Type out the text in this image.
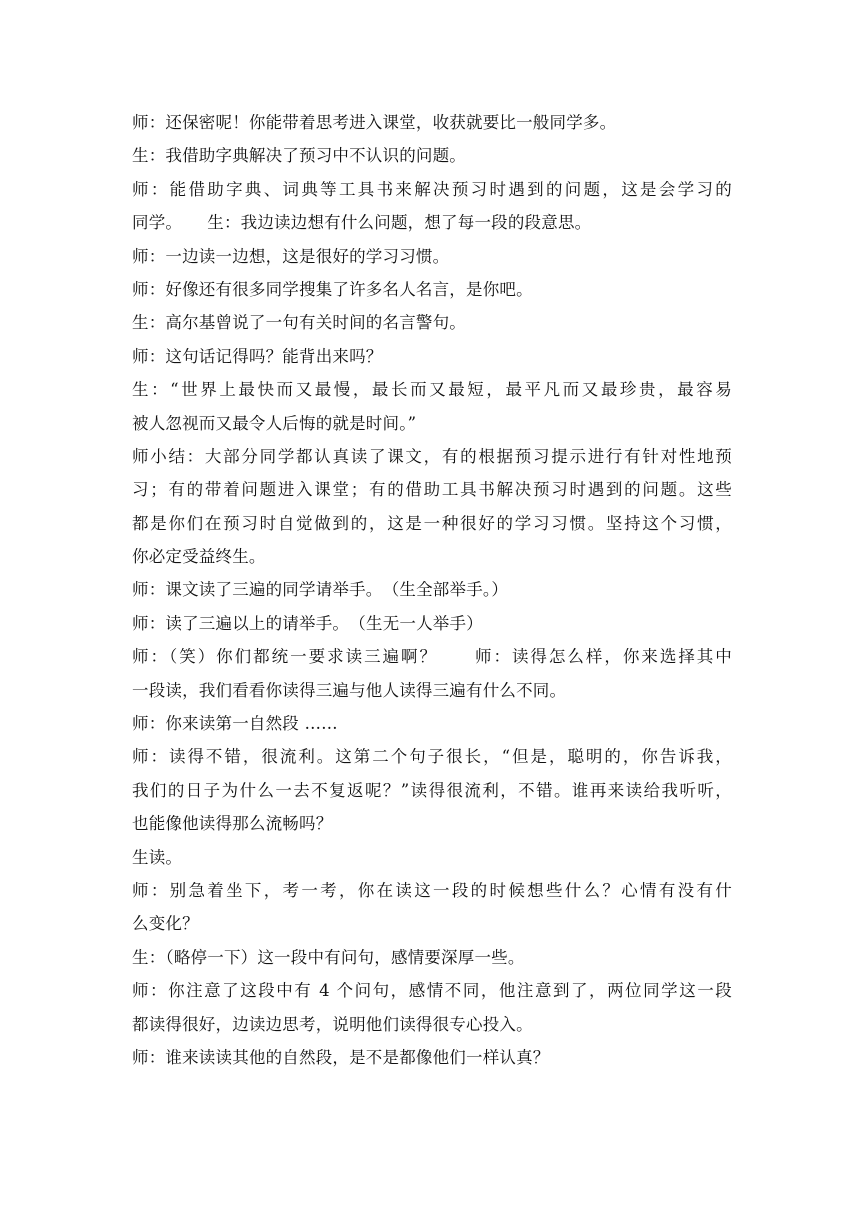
师：还保密呢！你能带着思考进入课堂，收获就要比一般同学多。
生：我借助字典解决了预习中不认识的问题。
师：能借助字典、词典等工具书来解决预习时遇到的问题，这是会学习的
同学。　　生：我边读边想有什么问题，想了每一段的段意思。
师：一边读一边想，这是很好的学习习惯。
师：好像还有很多同学搜集了许多名人名言，是你吧。
生：高尔基曾说了一句有关时间的名言警句。
师：这句话记得吗？能背出来吗？
生：“世界上最快而又最慢，最长而又最短，最平凡而又最珍贵，最容易
被人忽视而又最令人后悔的就是时间。”
师小结：大部分同学都认真读了课文，有的根据预习提示进行有针对性地预
习；有的带着问题进入课堂；有的借助工具书解决预习时遇到的问题。这些
都是你们在预习时自觉做到的，这是一种很好的学习习惯。坚持这个习惯，
你必定受益终生。
师：课文读了三遍的同学请举手。　（生全部举手。）
师：读了三遍以上的请举手。　（生无一人举手）
师：（笑）你们都统一要求读三遍啊？　　师：读得怎么样，你来选择其中
一段读，我们看看你读得三遍与他人读得三遍有什么不同。
师：你来读第一自然段 ……
师：读得不错，很流利。这第二个句子很长，“但是，聪明的，你告诉我，
我们的日子为什么一去不复返呢？”读得很流利，不错。谁再来读给我听听，
也能像他读得那么流畅吗？
生读。
师：别急着坐下，考一考，你在读这一段的时候想些什么？心情有没有什
么变化？
生：（略停一下）这一段中有问句，感情要深厚一些。
师：你注意了这段中有 4 个问句，感情不同，他注意到了，两位同学这一段
都读得很好，边读边思考，说明他们读得很专心投入。
师：谁来读读其他的自然段，是不是都像他们一样认真？
